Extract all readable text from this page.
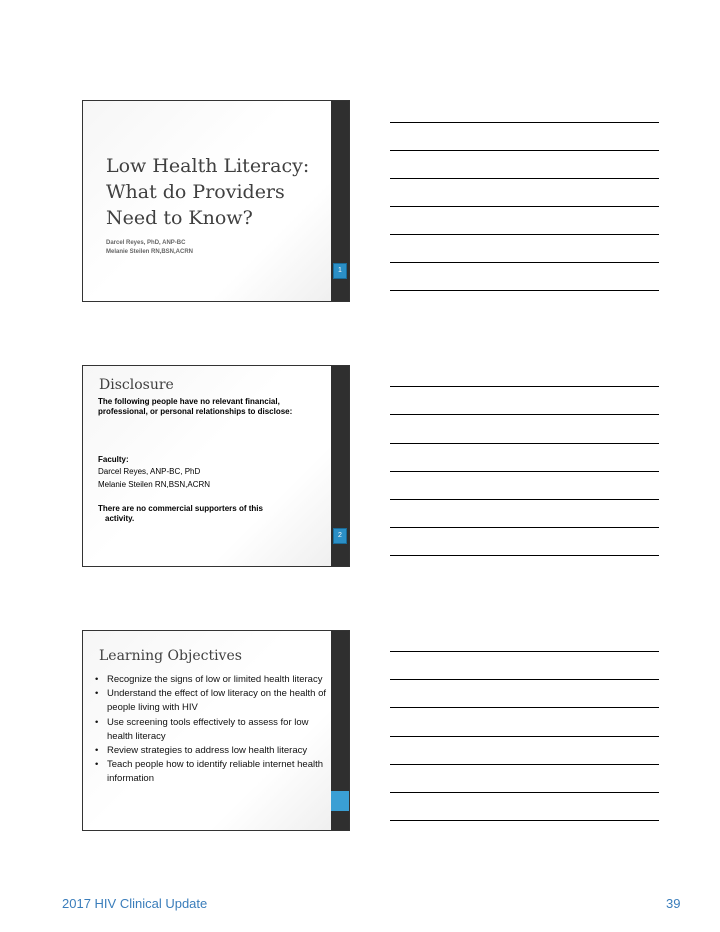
Low Health Literacy:
What do Providers
Need to Know?
Darcel Reyes, PhD, ANP-BC
Melanie Steilen RN,BSN,ACRN
1
Disclosure
The following people have no relevant financial, professional, or personal relationships to disclose:
Faculty:
Darcel Reyes, ANP-BC, PhD
Melanie Steilen RN,BSN,ACRN
There are no commercial supporters of this
activity.
2
Learning Objectives
• Recognize the signs of low or limited health literacy
• Understand the effect of low literacy on the health of people living with HIV
• Use screening tools effectively to assess for low health literacy
• Review strategies to address low health literacy
• Teach people how to identify reliable internet health information
2017 HIV Clinical Update	39
